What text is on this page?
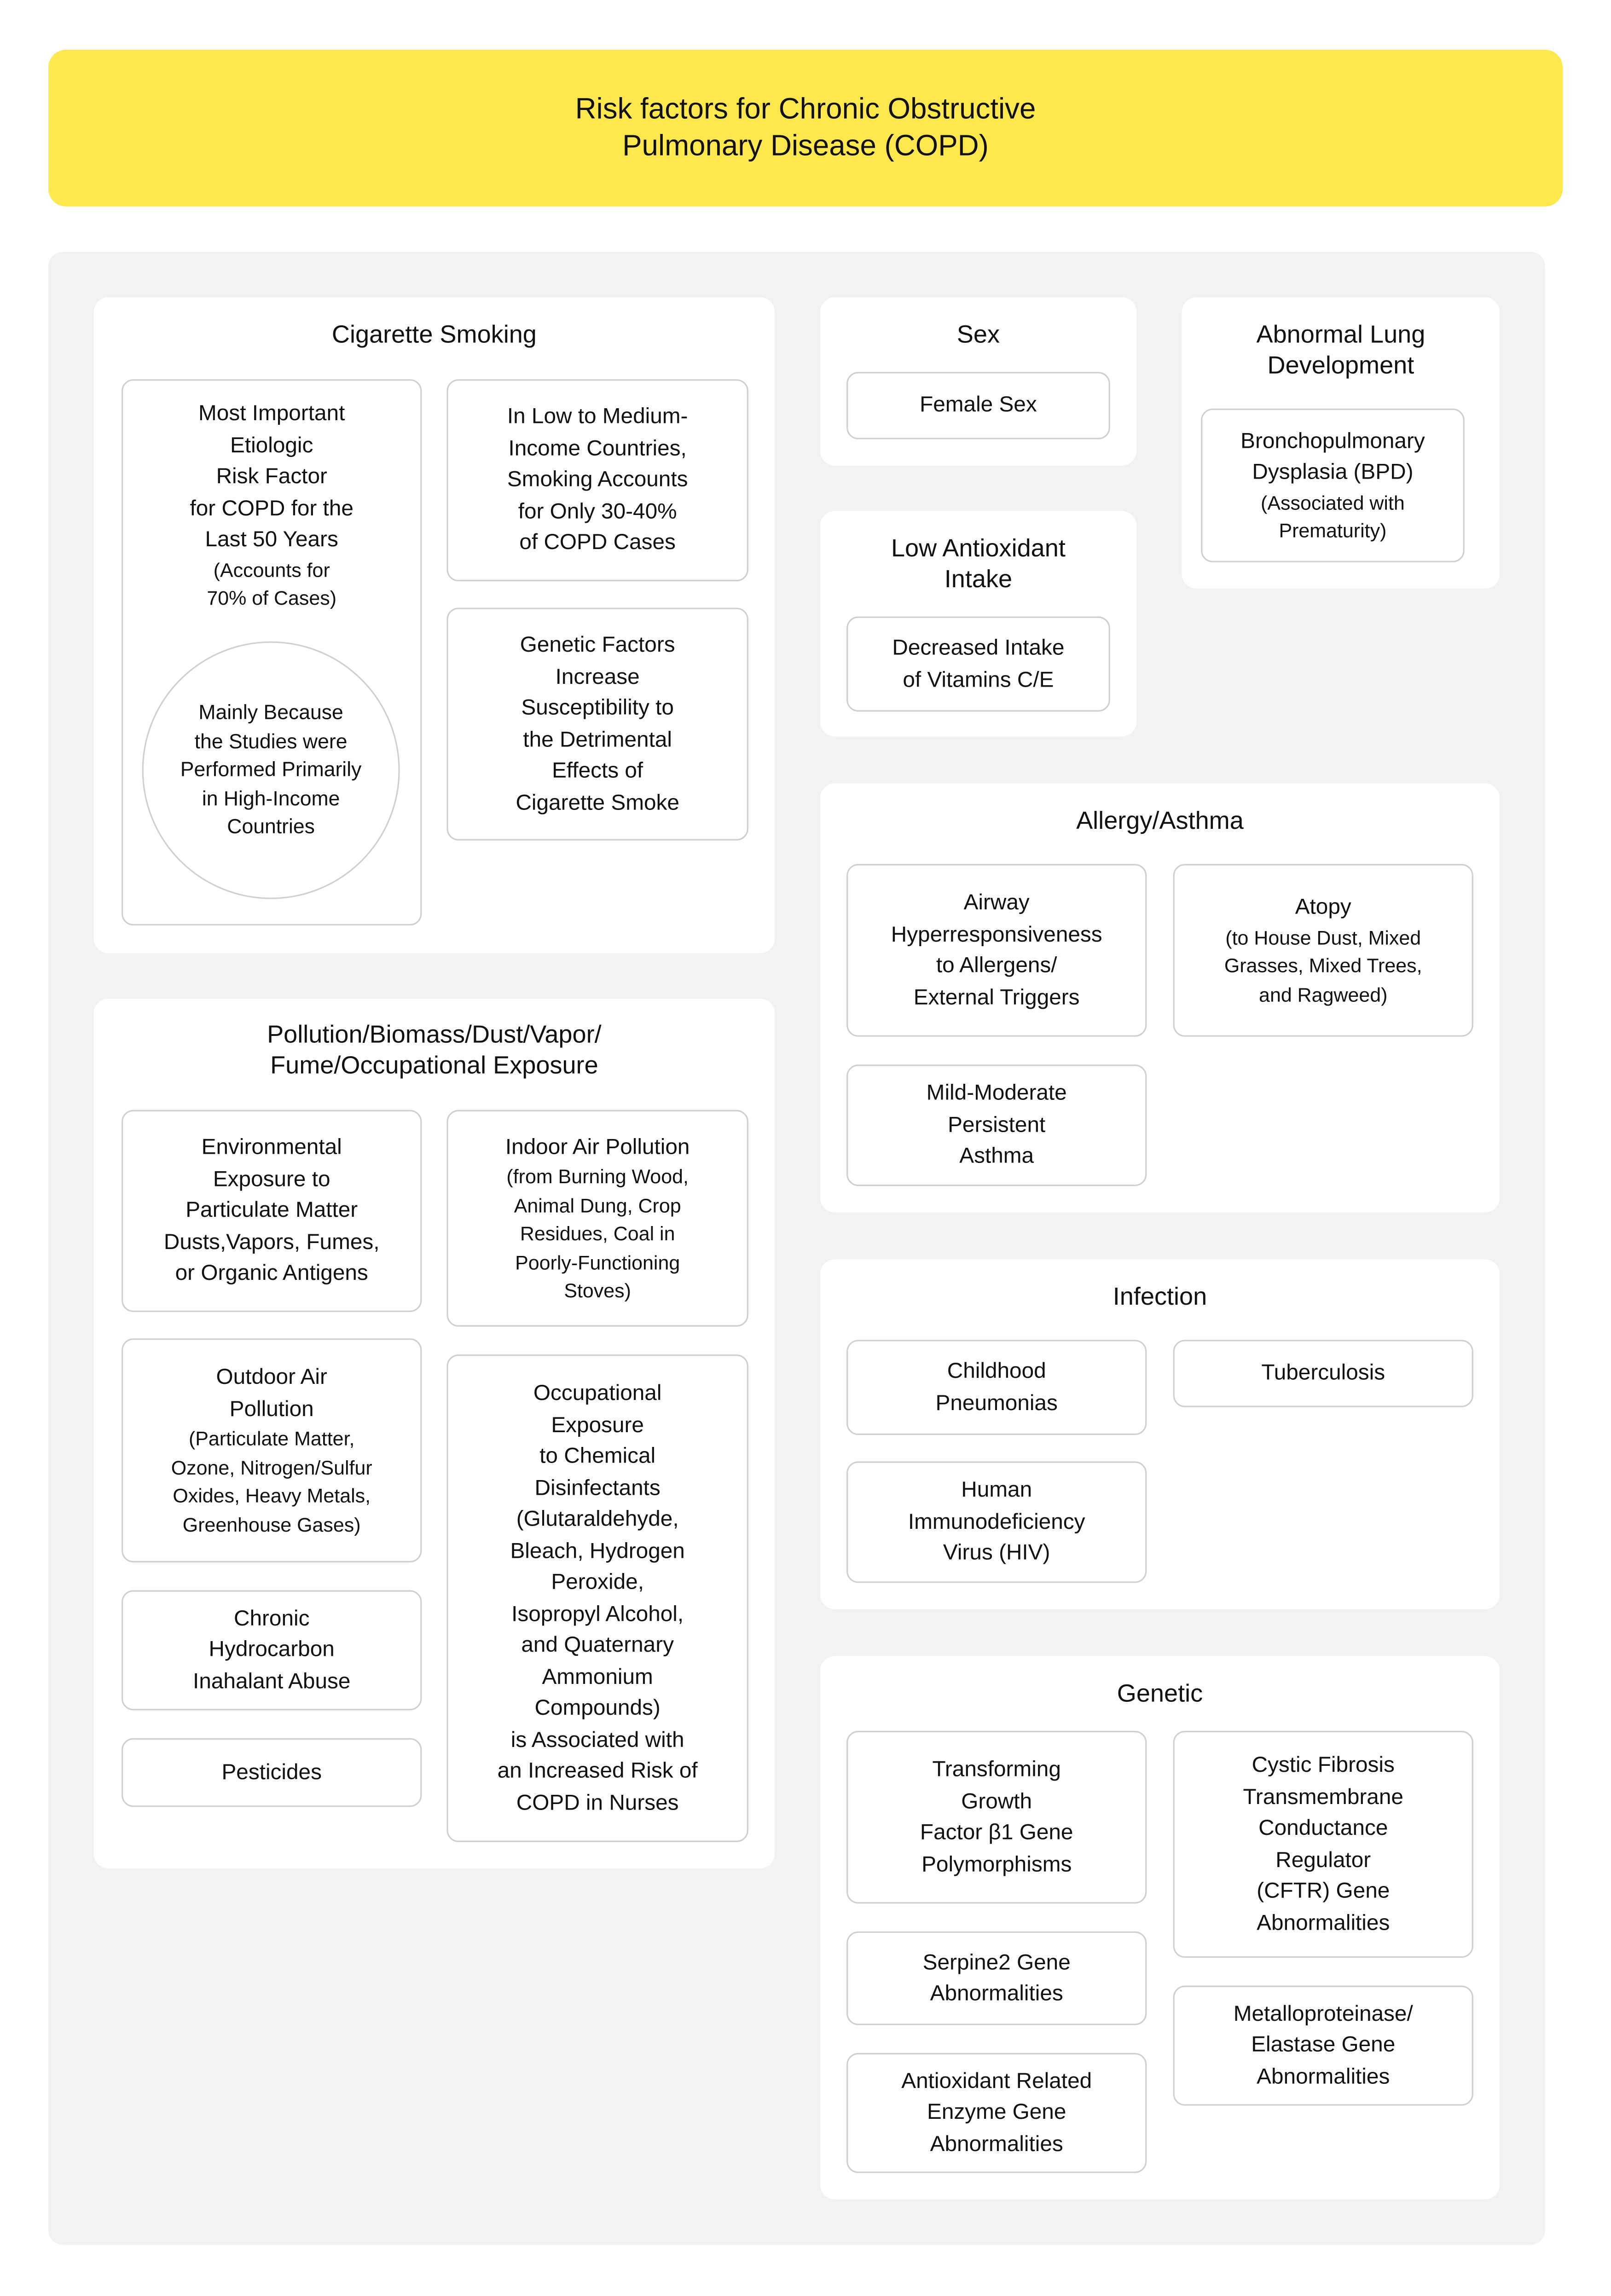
Risk factors for Chronic Obstructive
Pulmonary Disease (COPD)
Cigarette Smoking
Most Important
Etiologic
Risk Factor
for COPD for the
Last 50 Years
(Accounts for
70% of Cases)
In Low to Medium-
Income Countries,
Smoking Accounts
for Only 30-40%
of COPD Cases
Genetic Factors
Increase
Susceptibility to
the Detrimental
Effects of
Cigarette Smoke
Pollution/Biomass/Dust/Vapor/
Fume/Occupational Exposure
Environmental
Exposure to
Particulate Matter
Dusts,Vapors, Fumes,
or Organic Antigens
Indoor Air Pollution
(from Burning Wood,
Animal Dung, Crop
Residues, Coal in
Poorly-Functioning
Stoves)
Outdoor Air
Pollution
(Particulate Matter,
Ozone, Nitrogen/Sulfur
Oxides, Heavy Metals,
Greenhouse Gases)
Occupational
Exposure
to Chemical
Disinfectants
(Glutaraldehyde,
Bleach, Hydrogen
Peroxide,
Isopropyl Alcohol,
and Quaternary
Ammonium
Compounds)
is Associated with
an Increased Risk of
COPD in Nurses
Chronic
Hydrocarbon
Inahalant Abuse
Pesticides
Sex
Female Sex
Low Antioxidant
Intake
Decreased Intake
of Vitamins C/E
Abnormal Lung
Development
Bronchopulmonary
Dysplasia (BPD)
(Associated with
Prematurity)
Allergy/Asthma
Airway
Hyperresponsiveness
to Allergens/
External Triggers
Atopy
(to House Dust, Mixed
Grasses, Mixed Trees,
and Ragweed)
Mild-Moderate
Persistent
Asthma
Infection
Childhood
Pneumonias
Tuberculosis
Human
Immunodeficiency
Virus (HIV)
Genetic
Transforming
Growth
Factor β1 Gene
Polymorphisms
Cystic Fibrosis
Transmembrane
Conductance
Regulator
(CFTR) Gene
Abnormalities
Serpine2 Gene
Abnormalities
Metalloproteinase/
Elastase Gene
Abnormalities
Antioxidant Related
Enzyme Gene
Abnormalities
Mainly Because
the Studies were
Performed Primarily
in High-Income
Countries
